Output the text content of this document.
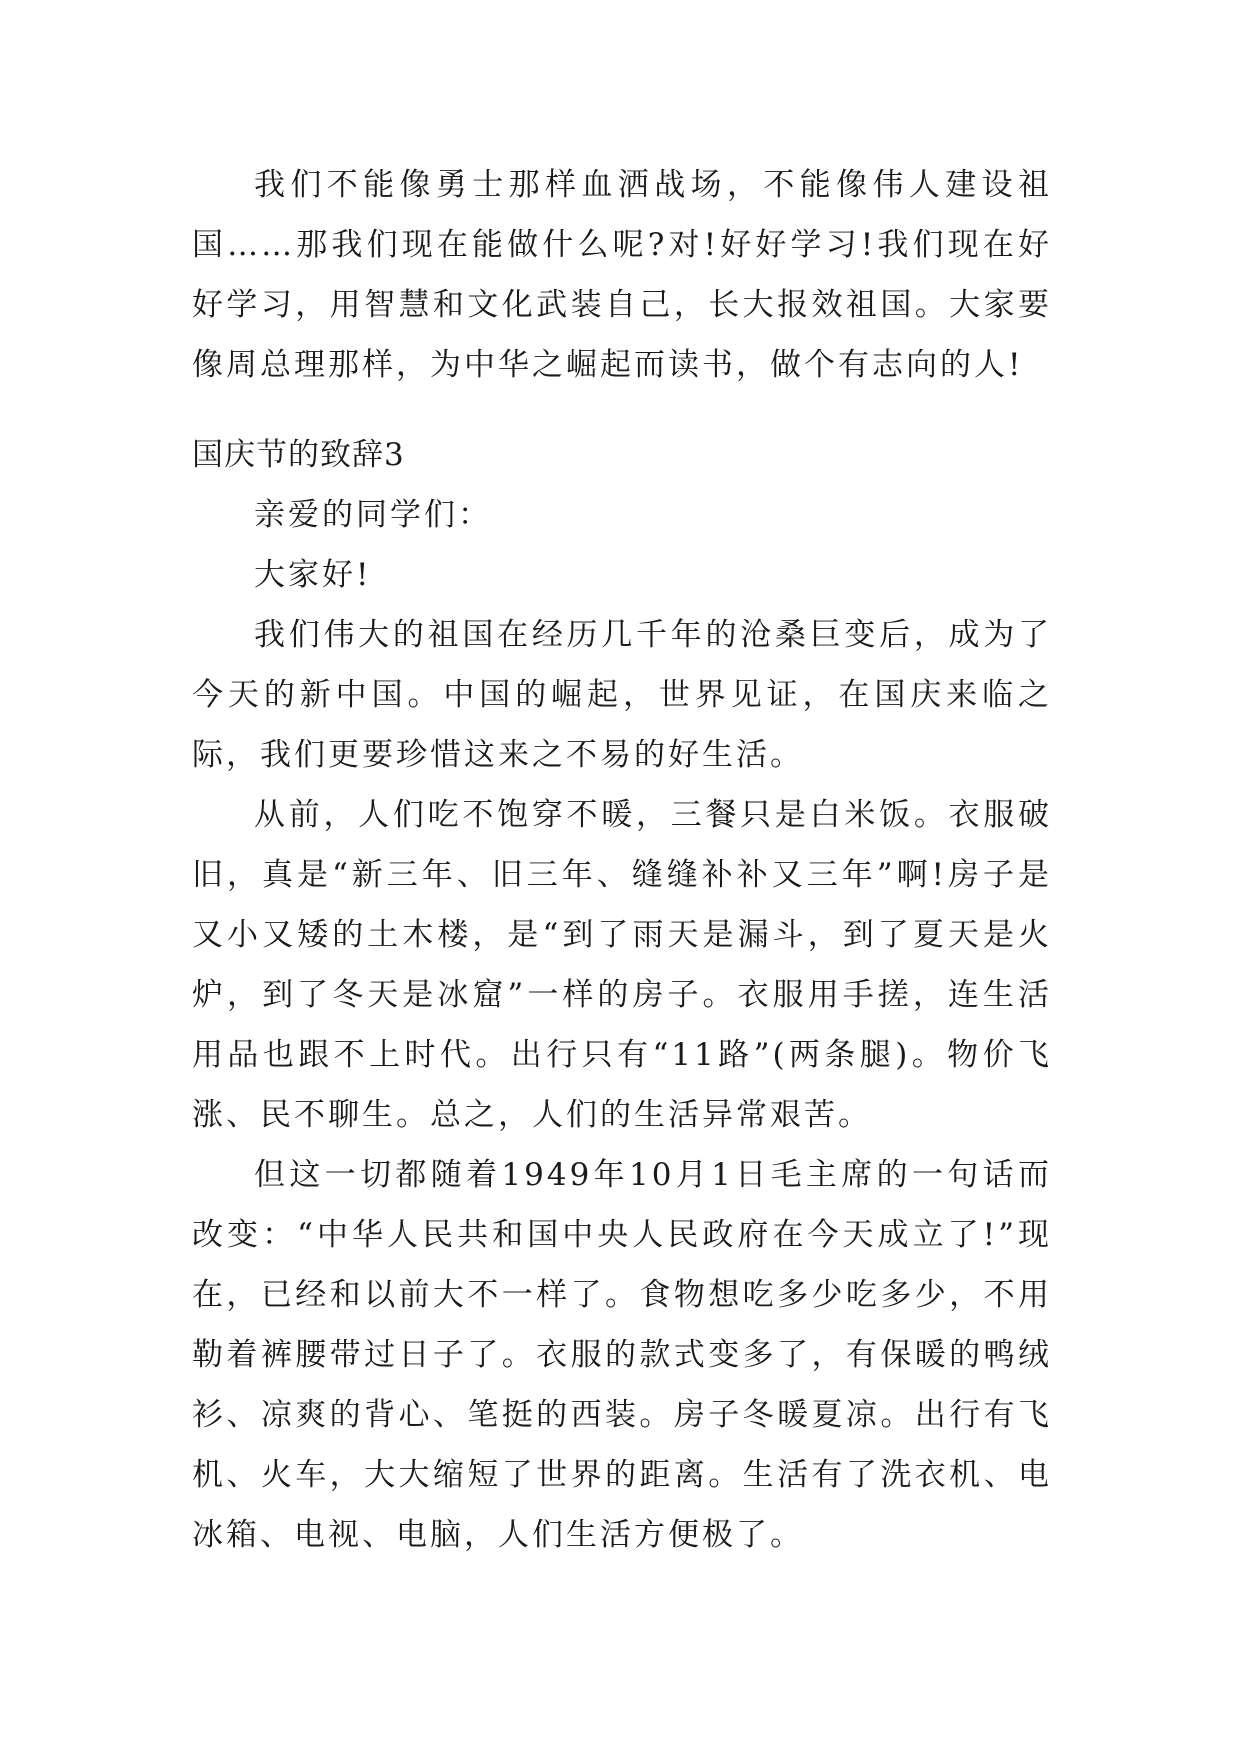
我们不能像勇士那样血洒战场，不能像伟人建设祖国……那我们现在能做什么呢?对!好好学习!我们现在好好学习，用智慧和文化武装自己，长大报效祖国。大家要像周总理那样，为中华之崛起而读书，做个有志向的人!

国庆节的致辞3

亲爱的同学们：

大家好!

我们伟大的祖国在经历几千年的沧桑巨变后，成为了今天的新中国。中国的崛起，世界见证，在国庆来临之际，我们更要珍惜这来之不易的好生活。

从前，人们吃不饱穿不暖，三餐只是白米饭。衣服破旧，真是“新三年、旧三年、缝缝补补又三年”啊!房子是又小又矮的土木楼，是“到了雨天是漏斗，到了夏天是火炉，到了冬天是冰窟”一样的房子。衣服用手搓，连生活用品也跟不上时代。出行只有“11路”(两条腿)。物价飞涨、民不聊生。总之，人们的生活异常艰苦。

但这一切都随着1949年10月1日毛主席的一句话而改变：“中华人民共和国中央人民政府在今天成立了!”现在，已经和以前大不一样了。食物想吃多少吃多少，不用勒着裤腰带过日子了。衣服的款式变多了，有保暖的鸭绒衫、凉爽的背心、笔挺的西装。房子冬暖夏凉。出行有飞机、火车，大大缩短了世界的距离。生活有了洗衣机、电冰箱、电视、电脑，人们生活方便极了。
